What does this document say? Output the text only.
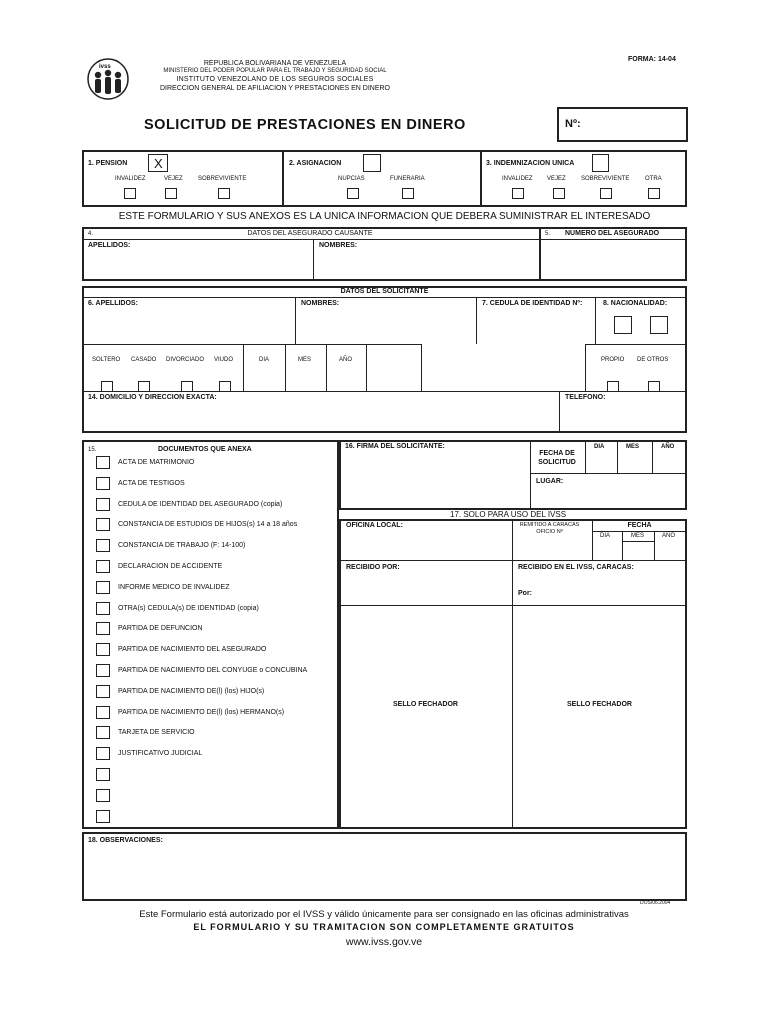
FORMA: 14-04
ivss	REPUBLICA BOLIVARIANA DE VENEZUELA
MINISTERIO DEL PODER POPULAR PARA EL TRABAJO Y SEGURIDAD SOCIAL
INSTITUTO VENEZOLANO DE LOS SEGUROS SOCIALES
DIRECCION GENERAL DE AFILIACION Y PRESTACIONES EN DINERO
SOLICITUD DE PRESTACIONES EN DINERO	Nº:
1. PENSION X
INVALIDEZ	VEJEZ	SOBREVIVIENTE
2. ASIGNACION
NUPCIAS	FUNERARIA
3. INDEMNIZACION UNICA
INVALIDEZ VEJEZ	SOBREVIVIENTE	OTRA
ESTE FORMULARIO Y SUS ANEXOS ES LA UNICA INFORMACION QUE DEBERA SUMINISTRAR EL INTERESADO
4.	DATOS DEL ASEGURADO CAUSANTE
APELLIDOS:	NOMBRES:
5. NUMERO DEL ASEGURADO
DATOS DEL SOLICITANTE
6. APELLIDOS:	NOMBRES:	7. CEDULA DE IDENTIDAD Nº:	8. NACIONALIDAD:
SOLTERO CASADO DIVORCIADO VIUDO	DIA	MES	AÑO	PROPIO DE OTROS
14. DOMICILIO Y DIRECCION EXACTA:	TELEFONO:
15.	DOCUMENTOS QUE ANEXA
ACTA DE MATRIMONIO
ACTA DE TESTIGOS
CEDULA DE IDENTIDAD DEL ASEGURADO (copia)
CONSTANCIA DE ESTUDIOS DE HIJOS(s) 14 a 18 años
CONSTANCIA DE TRABAJO (F: 14-100)
DECLARACION DE ACCIDENTE
INFORME MEDICO DE INVALIDEZ
OTRA(s) CEDULA(s) DE IDENTIDAD (copia)
PARTIDA DE DEFUNCION
PARTIDA DE NACIMIENTO DEL ASEGURADO
PARTIDA DE NACIMIENTO DEL CONYUGE o CONCUBINA
PARTIDA DE NACIMIENTO DE(l) (los) HIJO(s)
PARTIDA DE NACIMIENTO DE(l) (los) HERMANO(s)
TARJETA DE SERVICIO
JUSTIFICATIVO JUDICIAL
16. FIRMA DEL SOLICITANTE:
FECHA DE SOLICITUD
DIA	MES	AÑO
LUGAR:
17. SOLO PARA USO DEL IVSS
OFICINA LOCAL:	REMITIDO A CARACAS OFICIO Nº
FECHA
DIA	MES	AÑO
RECIBIDO POR:	RECIBIDO EN EL IVSS, CARACAS:
Por:
SELLO FECHADOR	SELLO FECHADOR
18. OBSERVACIONES:
DOS/06.2004
Este Formulario está autorizado por el IVSS y válido únicamente para ser consignado en las oficinas administrativas
EL FORMULARIO Y SU TRAMITACION SON COMPLETAMENTE GRATUITOS
www.ivss.gov.ve
